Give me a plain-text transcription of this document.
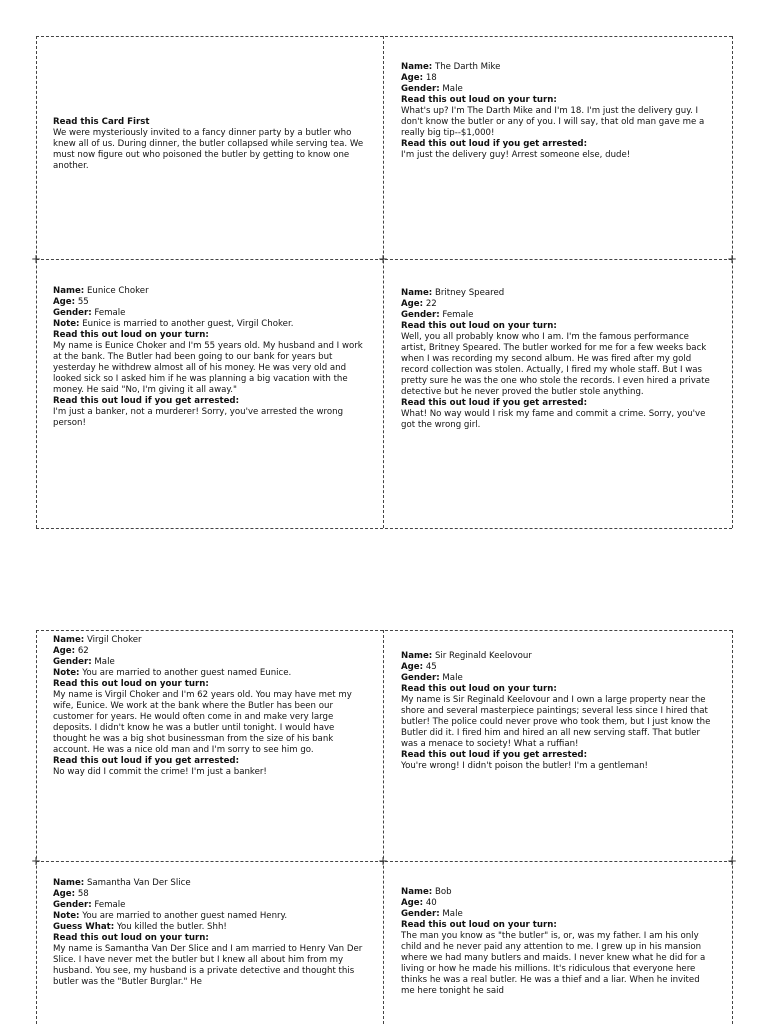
+
+	+
+
+	+

Read this Card First

We were mysteriously invited to a fancy dinner party by a butler who knew all of us. During dinner, the butler collapsed while serving tea. We must now figure out who poisoned the butler by getting to know one another.

Name: The Darth Mike

Age: 18

Gender: Male

Read this out loud on your turn:

What's up? I'm The Darth Mike and I'm 18. I'm just the delivery guy. I don't know the butler or any of you. I will say, that old man gave me a really big tip--$1,000!

Read this out loud if you get arrested:

I'm just the delivery guy! Arrest someone else, dude!

Name: Eunice Choker

Age: 55

Gender: Female

Note: Eunice is married to another guest, Virgil Choker.

Read this out loud on your turn:

My name is Eunice Choker and I'm 55 years old. My husband and I work at the bank. The Butler had been going to our bank for years but yesterday he withdrew almost all of his money. He was very old and looked sick so I asked him if he was planning a big vacation with the money. He said "No, I'm giving it all away."

Read this out loud if you get arrested:

I'm just a banker, not a murderer! Sorry, you've arrested the wrong person!

Name: Britney Speared

Age: 22

Gender: Female

Read this out loud on your turn:

Well, you all probably know who I am. I'm the famous performance artist, Britney Speared. The butler worked for me for a few weeks back when I was recording my second album. He was fired after my gold record collection was stolen. Actually, I fired my whole staff. But I was pretty sure he was the one who stole the records. I even hired a private detective but he never proved the butler stole anything.

Read this out loud if you get arrested:

What! No way would I risk my fame and commit a crime. Sorry, you've got the wrong girl.

Name: Virgil Choker

Age: 62

Gender: Male

Note: You are married to another guest named Eunice.

Read this out loud on your turn:

My name is Virgil Choker and I'm 62 years old. You may have met my wife, Eunice. We work at the bank where the Butler has been our customer for years. He would often come in and make very large deposits. I didn't know he was a butler until tonight. I would have thought he was a big shot businessman from the size of his bank account. He was a nice old man and I'm sorry to see him go.

Read this out loud if you get arrested:

No way did I commit the crime! I'm just a banker!

Name: Sir Reginald Keelovour

Age: 45

Gender: Male

Read this out loud on your turn:

My name is Sir Reginald Keelovour and I own a large property near the shore and several masterpiece paintings; several less since I hired that butler! The police could never prove who took them, but I just know the Butler did it. I fired him and hired an all new serving staff. That butler was a menace to society! What a ruffian!

Read this out loud if you get arrested:

You're wrong! I didn't poison the butler! I'm a gentleman!

Name: Samantha Van Der Slice

Age: 58

Gender: Female

Note: You are married to another guest named Henry.

Guess What: You killed the butler. Shh!

Read this out loud on your turn:

My name is Samantha Van Der Slice and I am married to Henry Van Der Slice. I have never met the butler but I knew all about him from my husband. You see, my husband is a private detective and thought this butler was the "Butler Burglar." He

Name: Bob

Age: 40

Gender: Male

Read this out loud on your turn:

The man you know as "the butler" is, or, was my father. I am his only child and he never paid any attention to me. I grew up in his mansion where we had many butlers and maids. I never knew what he did for a living or how he made his millions. It's ridiculous that everyone here thinks he was a real butler. He was a thief and a liar. When he invited me here tonight he said
